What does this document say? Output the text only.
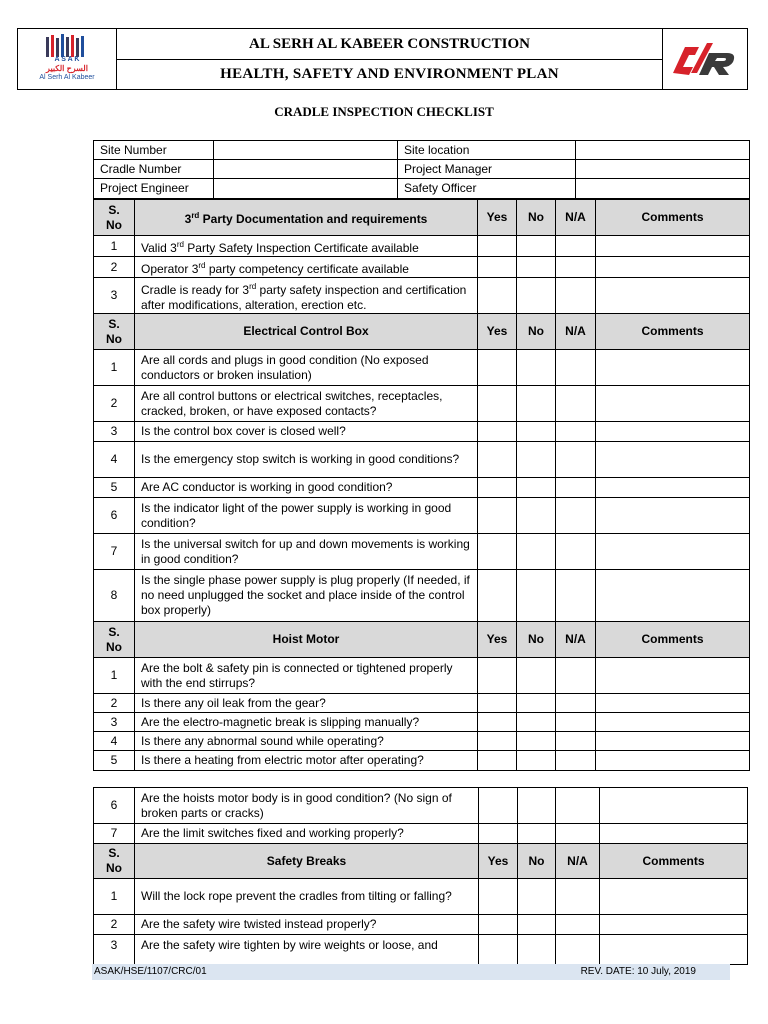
A S A K
السرح الكبير
Al Serh Al Kabeer
AL SERH AL KABEER CONSTRUCTION
HEALTH, SAFETY AND ENVIRONMENT PLAN
CRADLE INSPECTION CHECKLIST
Site Number		Site location	
Cradle Number		Project Manager	
Project Engineer		Safety Officer	
S. No	3rd Party Documentation and requirements	Yes	No	N/A	Comments
1	Valid 3rd Party Safety Inspection Certificate available				
2	Operator 3rd party competency certificate available				
3	Cradle is ready for 3rd party safety inspection and certification after modifications, alteration, erection etc.				
S. No	Electrical Control Box	Yes	No	N/A	Comments
1	Are all cords and plugs in good condition (No exposed conductors or broken insulation)				
2	Are all control buttons or electrical switches, receptacles, cracked, broken, or have exposed contacts?				
3	Is the control box cover is closed well?				
4	Is the emergency stop switch is working in good conditions?				
5	Are AC conductor is working in good condition?				
6	Is the indicator light of the power supply is working in good condition?				
7	Is the universal switch for up and down movements is working in good condition?				
8	Is the single phase power supply is plug properly (If needed, if no need unplugged the socket and place inside of the control box properly)				
S. No	Hoist Motor	Yes	No	N/A	Comments
1	Are the bolt & safety pin is connected or tightened properly with the end stirrups?				
2	Is there any oil leak from the gear?				
3	Are the electro-magnetic break is slipping manually?				
4	Is there any abnormal sound while operating?				
5	Is there a heating from electric motor after operating?				
6	Are the hoists motor body is in good condition? (No sign of broken parts or cracks)				
7	Are the limit switches fixed and working properly?				
S. No	Safety Breaks	Yes	No	N/A	Comments
1	Will the lock rope prevent the cradles from tilting or falling?				
2	Are the safety wire twisted instead properly?				
3	Are the safety wire tighten by wire weights or loose, and				
ASAK/HSE/1107/CRC/01	REV. DATE: 10 July, 2019
